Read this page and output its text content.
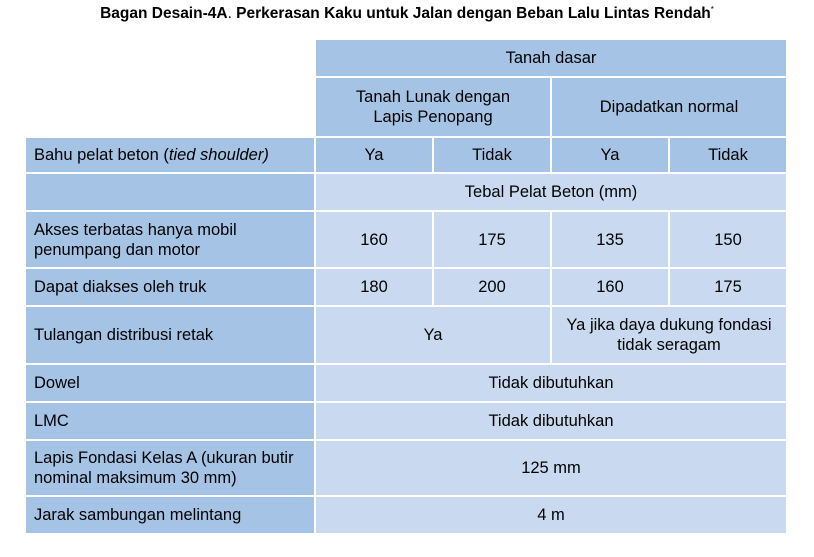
Bagan Desain-4A. Perkerasan Kaku untuk Jalan dengan Beban Lalu Lintas Rendah*
	Tanah dasar			
	Tanah Lunak dengan Lapis Penopang		Dipadatkan normal	
Bahu pelat beton (tied shoulder)	Ya	Tidak	Ya	Tidak
	Tebal Pelat Beton (mm)			
Akses terbatas hanya mobil penumpang dan motor	160	175	135	150
Dapat diakses oleh truk	180	200	160	175
Tulangan distribusi retak	Ya		Ya jika daya dukung fondasi tidak seragam	
Dowel	Tidak dibutuhkan			
LMC	Tidak dibutuhkan			
Lapis Fondasi Kelas A (ukuran butir nominal maksimum 30 mm)	125 mm			
Jarak sambungan melintang	4 m			
